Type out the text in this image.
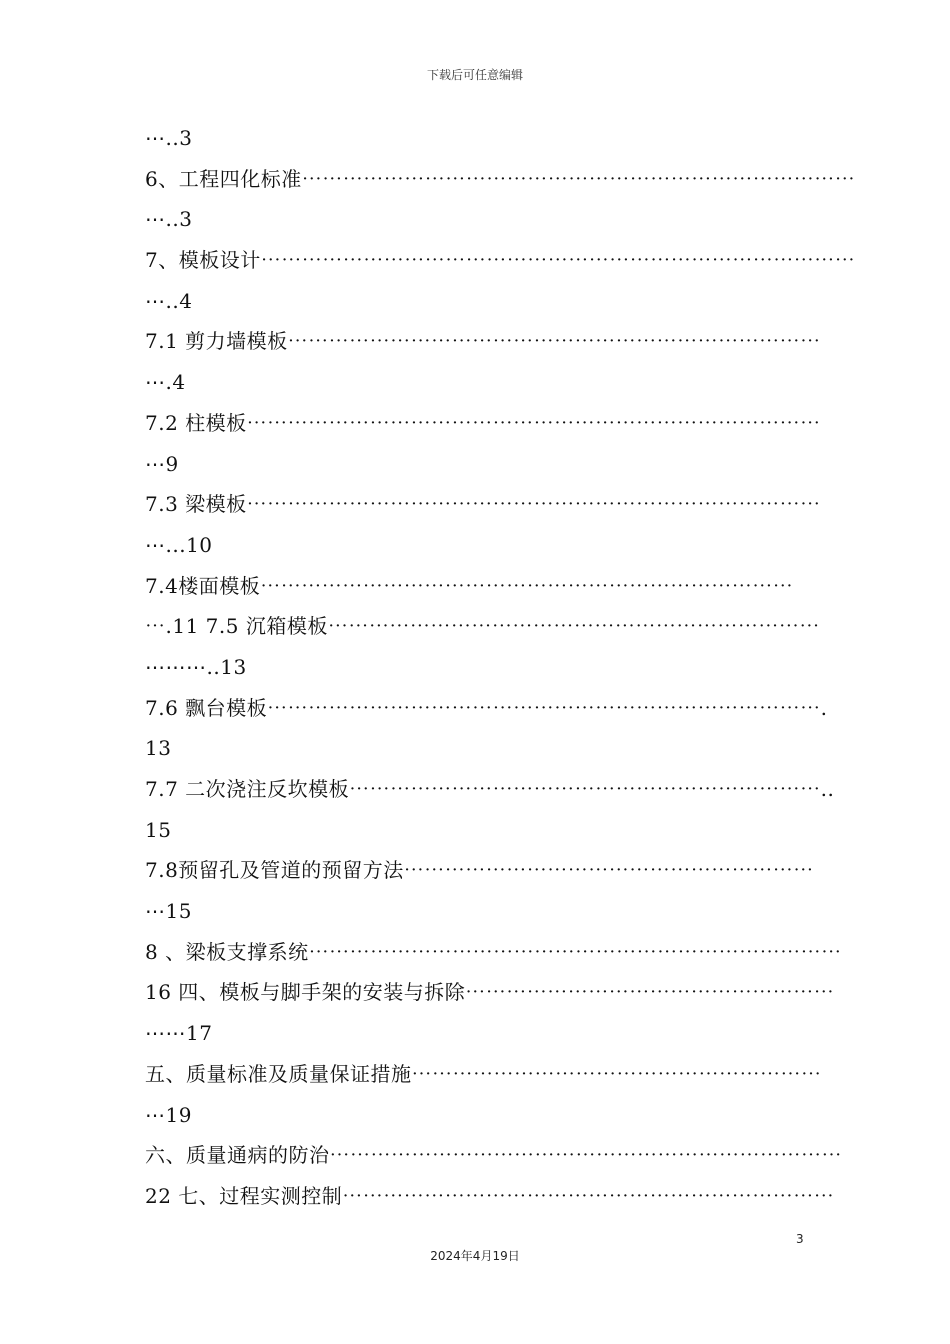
下载后可任意编辑
⋯..3
6、工程四化标准⋯⋯⋯⋯⋯⋯⋯⋯⋯⋯⋯⋯⋯⋯⋯⋯⋯⋯⋯⋯⋯⋯⋯⋯⋯⋯⋯
⋯..3
7、模板设计⋯⋯⋯⋯⋯⋯⋯⋯⋯⋯⋯⋯⋯⋯⋯⋯⋯⋯⋯⋯⋯⋯⋯⋯⋯⋯⋯⋯⋯
⋯..4
7.1 剪力墙模板⋯⋯⋯⋯⋯⋯⋯⋯⋯⋯⋯⋯⋯⋯⋯⋯⋯⋯⋯⋯⋯⋯⋯⋯⋯⋯
⋯.4
7.2 柱模板⋯⋯⋯⋯⋯⋯⋯⋯⋯⋯⋯⋯⋯⋯⋯⋯⋯⋯⋯⋯⋯⋯⋯⋯⋯⋯⋯⋯
⋯9
7.3 梁模板⋯⋯⋯⋯⋯⋯⋯⋯⋯⋯⋯⋯⋯⋯⋯⋯⋯⋯⋯⋯⋯⋯⋯⋯⋯⋯⋯⋯
⋯...10
7.4楼面模板⋯⋯⋯⋯⋯⋯⋯⋯⋯⋯⋯⋯⋯⋯⋯⋯⋯⋯⋯⋯⋯⋯⋯⋯⋯⋯
⋯.11 7.5 沉箱模板⋯⋯⋯⋯⋯⋯⋯⋯⋯⋯⋯⋯⋯⋯⋯⋯⋯⋯⋯⋯⋯⋯⋯⋯
⋯⋯⋯..13
7.6 飘台模板⋯⋯⋯⋯⋯⋯⋯⋯⋯⋯⋯⋯⋯⋯⋯⋯⋯⋯⋯⋯⋯⋯⋯⋯⋯⋯⋯.
13
7.7 二次浇注反坎模板⋯⋯⋯⋯⋯⋯⋯⋯⋯⋯⋯⋯⋯⋯⋯⋯⋯⋯⋯⋯⋯⋯⋯..
15
7.8预留孔及管道的预留方法⋯⋯⋯⋯⋯⋯⋯⋯⋯⋯⋯⋯⋯⋯⋯⋯⋯⋯⋯⋯
⋯15
8 、梁板支撑系统⋯⋯⋯⋯⋯⋯⋯⋯⋯⋯⋯⋯⋯⋯⋯⋯⋯⋯⋯⋯⋯⋯⋯⋯⋯⋯
16 四、模板与脚手架的安装与拆除⋯⋯⋯⋯⋯⋯⋯⋯⋯⋯⋯⋯⋯⋯⋯⋯⋯⋯
⋯⋯17
五、质量标准及质量保证措施⋯⋯⋯⋯⋯⋯⋯⋯⋯⋯⋯⋯⋯⋯⋯⋯⋯⋯⋯⋯
⋯19
六、质量通病的防治⋯⋯⋯⋯⋯⋯⋯⋯⋯⋯⋯⋯⋯⋯⋯⋯⋯⋯⋯⋯⋯⋯⋯⋯⋯
22 七、过程实测控制⋯⋯⋯⋯⋯⋯⋯⋯⋯⋯⋯⋯⋯⋯⋯⋯⋯⋯⋯⋯⋯⋯⋯⋯
3
2024年4月19日
